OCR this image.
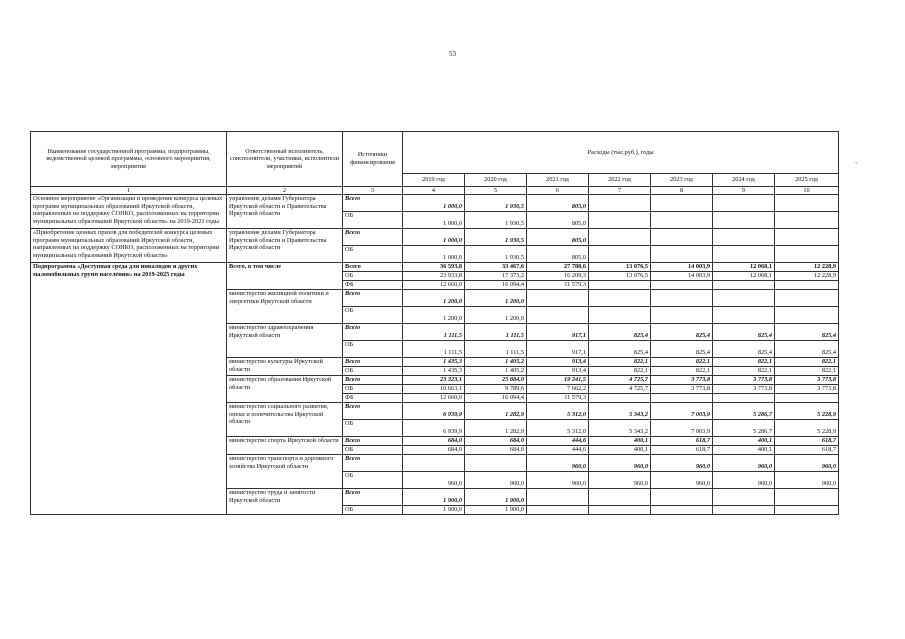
53
-
Наименование государственной программы, подпрограммы, ведомственной целевой программы, основного мероприятия, мероприятия	Ответственный исполнитель, соисполнители, участники, исполнители мероприятий	Источники финансирования	Расходы (тыс.руб.), годы						
			2019 год	2020 год	2021 год	2022 год	2023 год	2024 год	2025 год
1	2	3	4	5	6	7	8	9	10
Основное мероприятие «Организация и проведение конкурса целевых программ муниципальных образований Иркутской области, направленных на поддержку СОНКО, расположенных на территории муниципальных образований Иркутской области» на 2019-2021 годы	управление делами Губернатора Иркутской области и Правительства Иркутской области	Всего	1 000,0	1 930,5	805,0				
		ОБ	1 000,0	1 930,5	805,0				
«Приобретение ценных призов для победителей конкурса целевых программ муниципальных образований Иркутской области, направленных на поддержку СОНКО, расположенных на территории муниципальных образований Иркутской области»	управление делами Губернатора Иркутской области и Правительства Иркутской области	Всего	1 000,0	1 930,5	805,0				
		ОБ	1 000,0	1 930,5	805,0				
Подпрограмма «Доступная среда для инвалидов и других маломобильных групп населения» на 2019-2025 годы	Всего, в том числе	Всего	36 593,8	33 467,6	27 788,6	13 076,5	14 003,9	12 068,1	12 228,9
		ОБ	23 933,8	17 373,2	16 209,3	13 076,5	14 003,9	12 068,1	12 228,9
		ФБ	12 660,0	16 094,4	11 579,3				
	министерство жилищной политики и энергетики Иркутской области	Всего	1 200,0	1 200,0					
		ОБ	1 200,0	1 200,0					
	министерство здравоохранения Иркутской области	Всего	1 111,5	1 111,5	917,1	825,4	825,4	825,4	825,4
		ОБ	1 111,5	1 111,5	917,1	825,4	825,4	825,4	825,4
	министерство культуры Иркутской области	Всего	1 435,3	1 405,2	913,4	822,1	822,1	822,1	822,1
		ОБ	1 435,3	1 405,2	913,4	822,1	822,1	822,1	822,1
	министерство образования Иркутской области	Всего	23 323,1	25 884,0	19 241,5	4 725,7	3 773,8	3 773,8	3 773,8
		ОБ	10 663,1	9 789,6	7 662,2	4 725,7	3 773,8	3 773,8	3 773,8
		ФБ	12 660,0	16 094,4	11 579,3				
	министерство социального развития, опеки и попечительства Иркутской области	Всего	6 939,9	1 282,9	5 312,0	5 343,2	7 003,9	5 286,7	5 228,9
		ОБ	6 939,9	1 282,9	5 312,0	5 343,2	7 003,9	5 286,7	5 228,9
	министерство спорта Иркутской области	Всего	684,0	684,0	444,6	400,1	618,7	400,1	618,7
		ОБ	684,0	684,0	444,6	400,1	618,7	400,1	618,7
	министерство транспорта и дорожного хозяйства Иркутской области	Всего			960,0	960,0	960,0	960,0	960,0
		ОБ	960,0	960,0	960,0	960,0	960,0	960,0	960,0
	министерство труда и занятости Иркутской области	Всего	1 900,0	1 900,0					
		ОБ	1 900,0	1 900,0					
